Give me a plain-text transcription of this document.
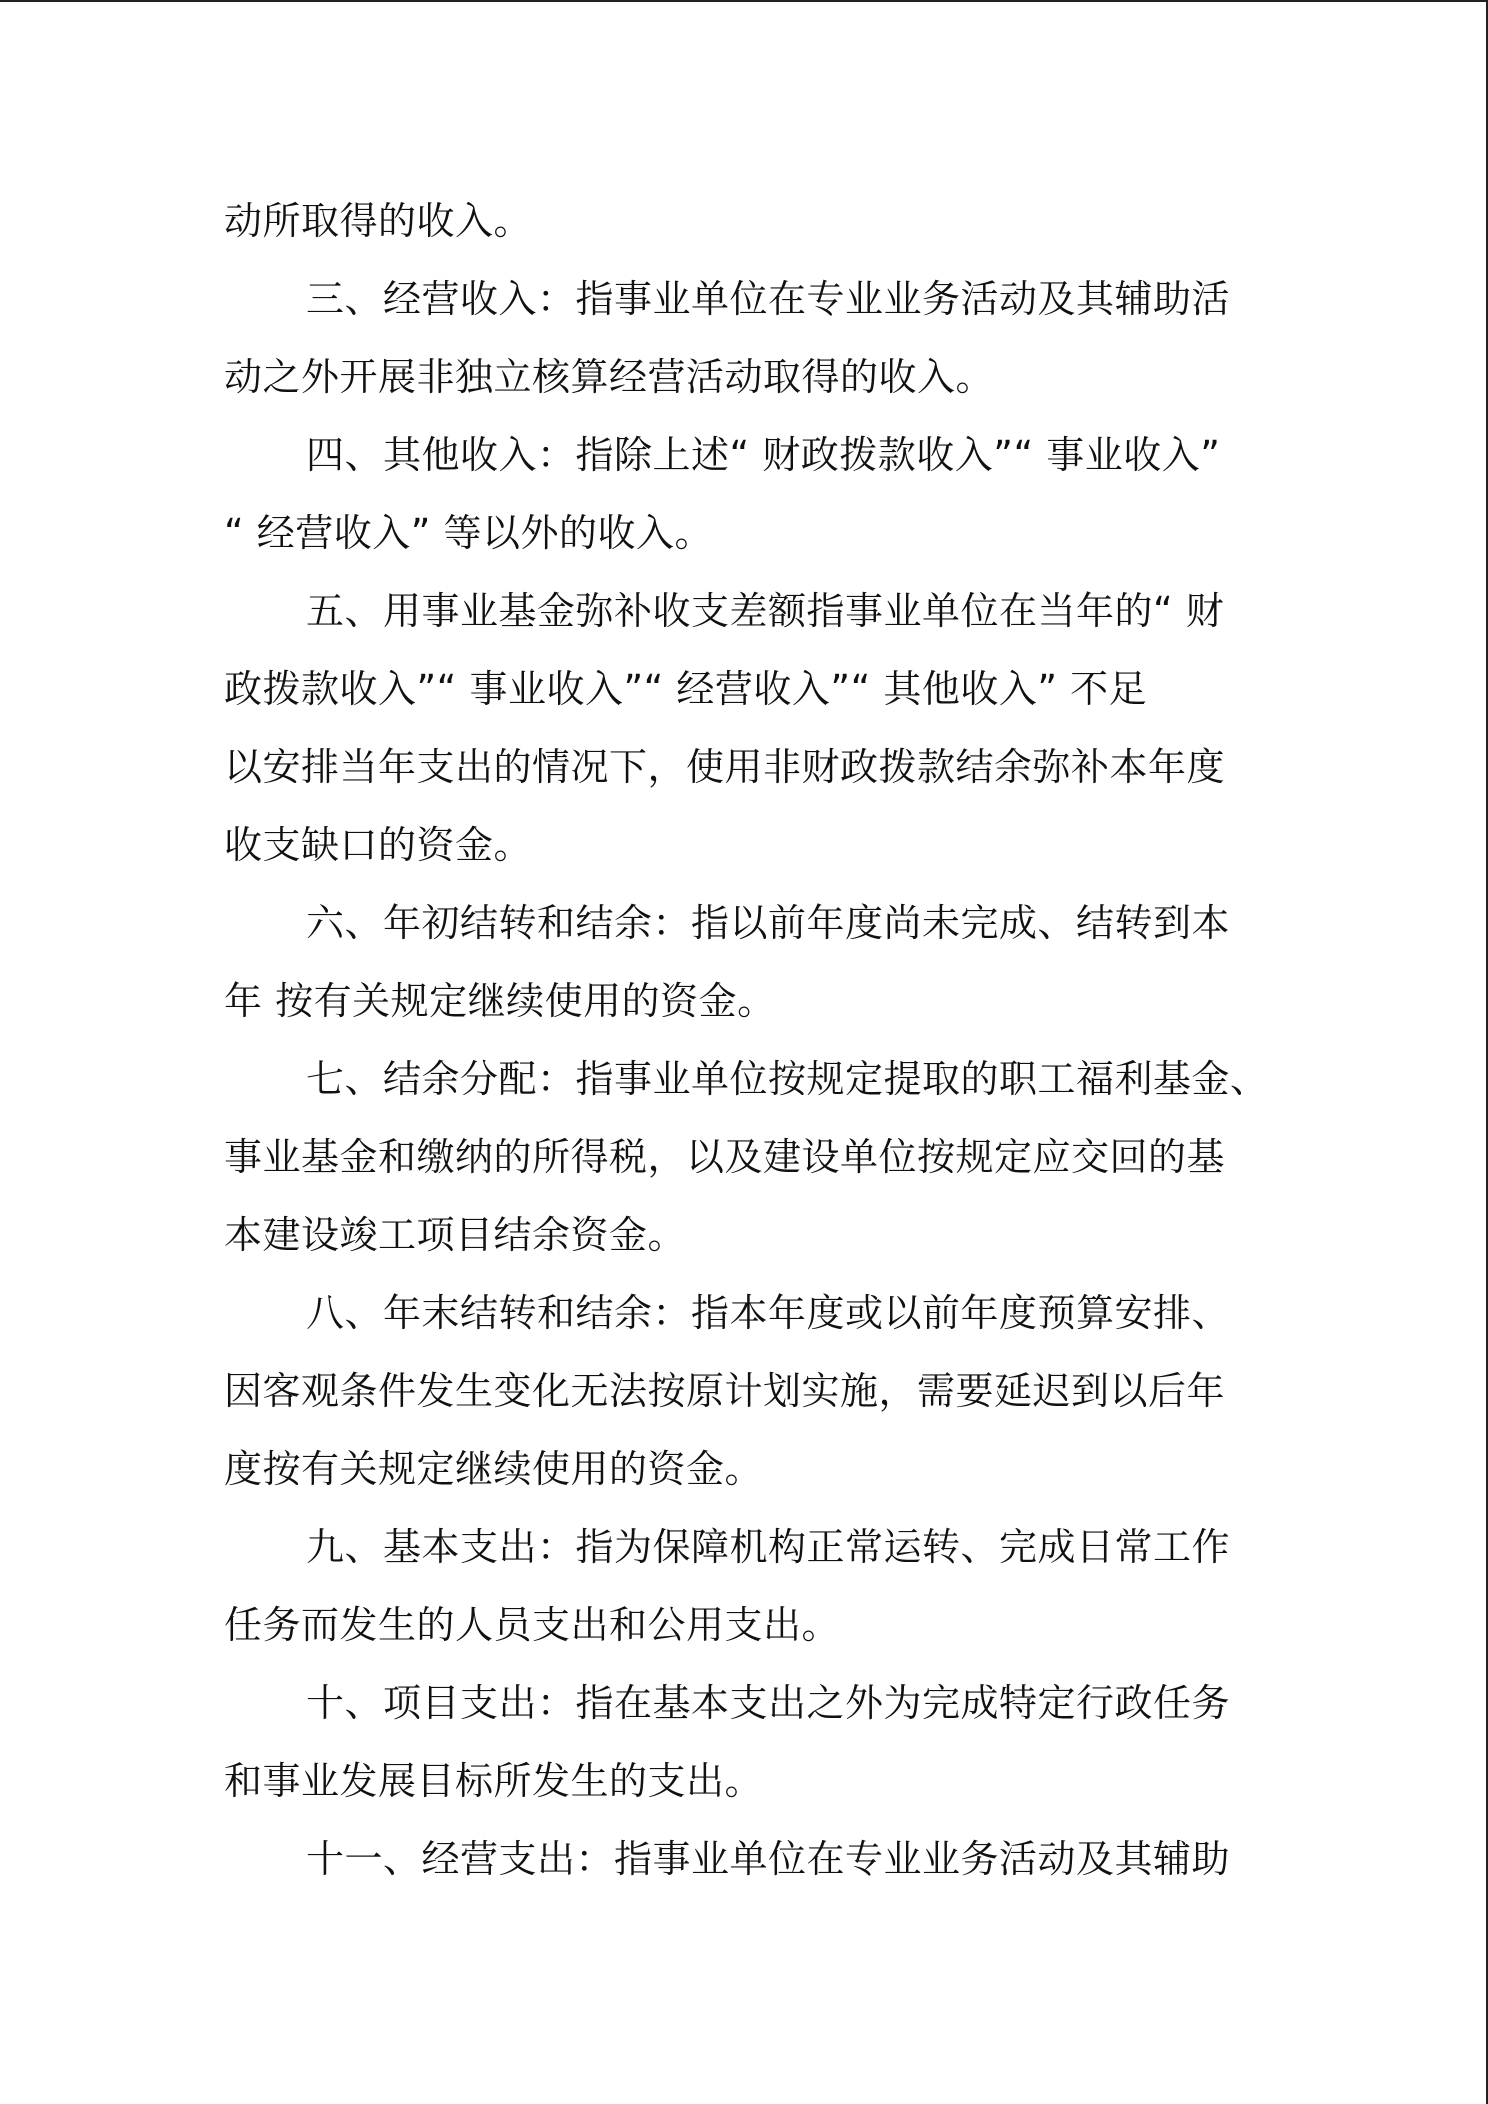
动所取得的收入。
三、经营收入：指事业单位在专业业务活动及其辅助活
动之外开展非独立核算经营活动取得的收入。
四、其他收入：指除上述“ 财政拨款收入”“ 事业收入”
“ 经营收入” 等以外的收入。
五、用事业基金弥补收支差额指事业单位在当年的“ 财
政拨款收入”“ 事业收入”“ 经营收入”“ 其他收入” 不足
以安排当年支出的情况下，使用非财政拨款结余弥补本年度
收支缺口的资金。
六、年初结转和结余：指以前年度尚未完成、结转到本
年 按有关规定继续使用的资金。
七、结余分配：指事业单位按规定提取的职工福利基金、
事业基金和缴纳的所得税，以及建设单位按规定应交回的基
本建设竣工项目结余资金。
八、年末结转和结余：指本年度或以前年度预算安排、
因客观条件发生变化无法按原计划实施，需要延迟到以后年
度按有关规定继续使用的资金。
九、基本支出：指为保障机构正常运转、完成日常工作
任务而发生的人员支出和公用支出。
十、项目支出：指在基本支出之外为完成特定行政任务
和事业发展目标所发生的支出。
十一、经营支出：指事业单位在专业业务活动及其辅助
